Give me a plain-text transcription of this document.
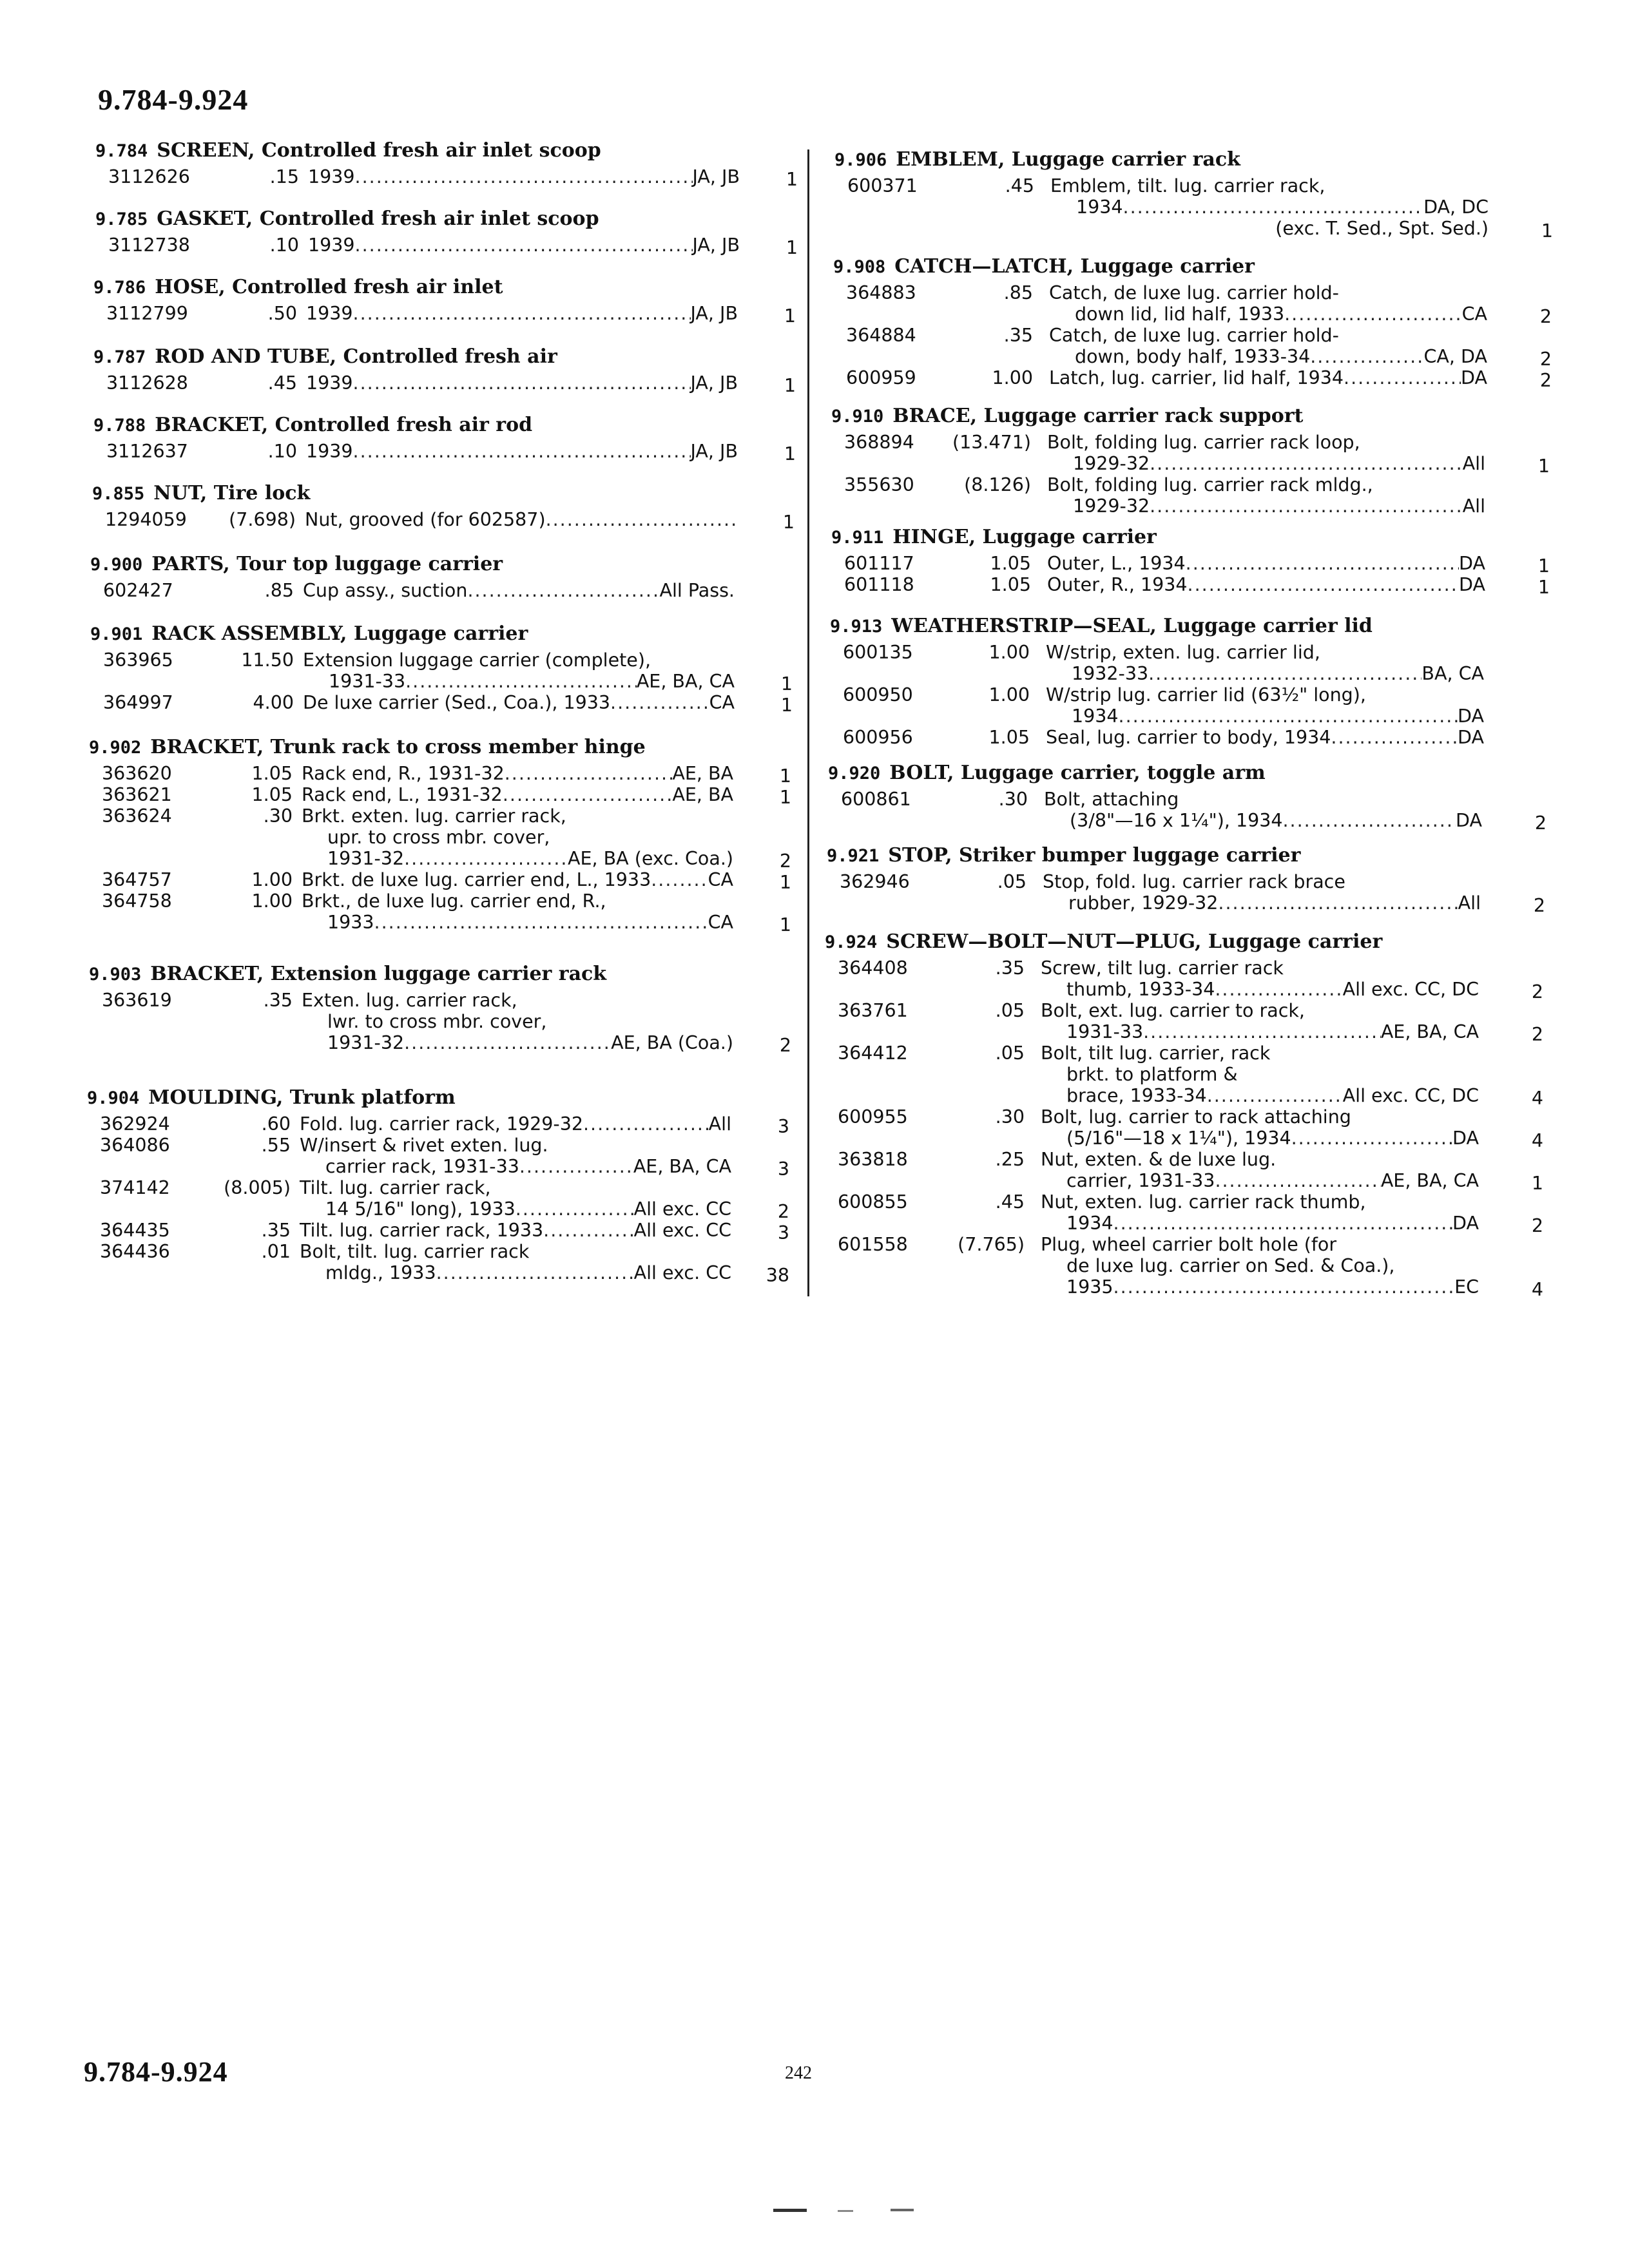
9.784-9.924
9.784 SCREEN, Controlled fresh air inlet scoop
3112626	.15 1939 .....	JA, JB	1
9.785 GASKET, Controlled fresh air inlet scoop
3112738	.10 1939 .....	JA, JB	1
9.786 HOSE, Controlled fresh air inlet
3112799	.50 1939 .....	JA, JB	1
9.787 ROD AND TUBE, Controlled fresh air
3112628	.45 1939 .....	JA, JB	1
9.788 BRACKET, Controlled fresh air rod
3112637	.10 1939 .....	JA, JB	1
9.855 NUT, Tire lock
1294059	(7.698) Nut, grooved (for 602587) .....	1
9.900 PARTS, Tour top luggage carrier
602427	.85 Cup assy., suction .....	All Pass.
9.901 RACK ASSEMBLY, Luggage carrier
363965	11.50 Extension luggage carrier (complete),
1931-33 .....	AE, BA, CA	1
364997	4.00 De luxe carrier (Sed., Coa.), 1933 .....	CA	1
9.902 BRACKET, Trunk rack to cross member hinge
363620	1.05 Rack end, R., 1931-32 .....	AE, BA	1
363621	1.05 Rack end, L., 1931-32 .....	AE, BA	1
363624	.30 Brkt. exten. lug. carrier rack,
upr. to cross mbr. cover,
1931-32 .....	AE, BA (exc. Coa.)	2
364757	1.00 Brkt. de luxe lug. carrier end, L., 1933 .....	CA	1
364758	1.00 Brkt., de luxe lug. carrier end, R.,
1933 .....	CA	1
9.903 BRACKET, Extension luggage carrier rack
363619	.35 Exten. lug. carrier rack,
lwr. to cross mbr. cover,
1931-32 .....	AE, BA (Coa.)	2
9.904 MOULDING, Trunk platform
362924	.60 Fold. lug. carrier rack, 1929-32 .....	All	3
364086	.55 W/insert & rivet exten. lug.
carrier rack, 1931-33 .....	AE, BA, CA	3
374142	(8.005) Tilt. lug. carrier rack,
14 5/16" long), 1933 .....	All exc. CC	2
364435	.35 Tilt. lug. carrier rack, 1933 .....	All exc. CC	3
364436	.01 Bolt, tilt. lug. carrier rack
mldg., 1933 .....	All exc. CC	38
9.906 EMBLEM, Luggage carrier rack
600371	.45 Emblem, tilt. lug. carrier rack,
1934 .....	DA, DC
(exc. T. Sed., Spt. Sed.)	1
9.908 CATCH—LATCH, Luggage carrier
364883	.85 Catch, de luxe lug. carrier hold-
down lid, lid half, 1933 .....	CA	2
364884	.35 Catch, de luxe lug. carrier hold-
down, body half, 1933-34 .....	CA, DA	2
600959	1.00 Latch, lug. carrier, lid half, 1934 .....	DA	2
9.910 BRACE, Luggage carrier rack support
368894	(13.471) Bolt, folding lug. carrier rack loop,
1929-32 .....	All	1
355630	(8.126) Bolt, folding lug. carrier rack mldg.,
1929-32 .....	All
9.911 HINGE, Luggage carrier
601117	1.05 Outer, L., 1934 .....	DA	1
601118	1.05 Outer, R., 1934 .....	DA	1
9.913 WEATHERSTRIP—SEAL, Luggage carrier lid
600135	1.00 W/strip, exten. lug. carrier lid,
1932-33 .....	BA, CA
600950	1.00 W/strip lug. carrier lid (63½" long),
1934 .....	DA
600956	1.05 Seal, lug. carrier to body, 1934 .....	DA
9.920 BOLT, Luggage carrier, toggle arm
600861	.30 Bolt, attaching
(3/8"—16 x 1¼"), 1934 .....	DA	2
9.921 STOP, Striker bumper luggage carrier
362946	.05 Stop, fold. lug. carrier rack brace
rubber, 1929-32 .....	All	2
9.924 SCREW—BOLT—NUT—PLUG, Luggage carrier
364408	.35 Screw, tilt lug. carrier rack
thumb, 1933-34 .....	All exc. CC, DC	2
363761	.05 Bolt, ext. lug. carrier to rack,
1931-33 .....	AE, BA, CA	2
364412	.05 Bolt, tilt lug. carrier, rack
brkt. to platform &
brace, 1933-34 .....	All exc. CC, DC	4
600955	.30 Bolt, lug. carrier to rack attaching
(5/16"—18 x 1¼"), 1934 .....	DA	4
363818	.25 Nut, exten. & de luxe lug.
carrier, 1931-33 .....	AE, BA, CA	1
600855	.45 Nut, exten. lug. carrier rack thumb,
1934 .....	DA	2
601558	(7.765) Plug, wheel carrier bolt hole (for
de luxe lug. carrier on Sed. & Coa.),
1935 .....	EC	4
9.784-9.924	242
